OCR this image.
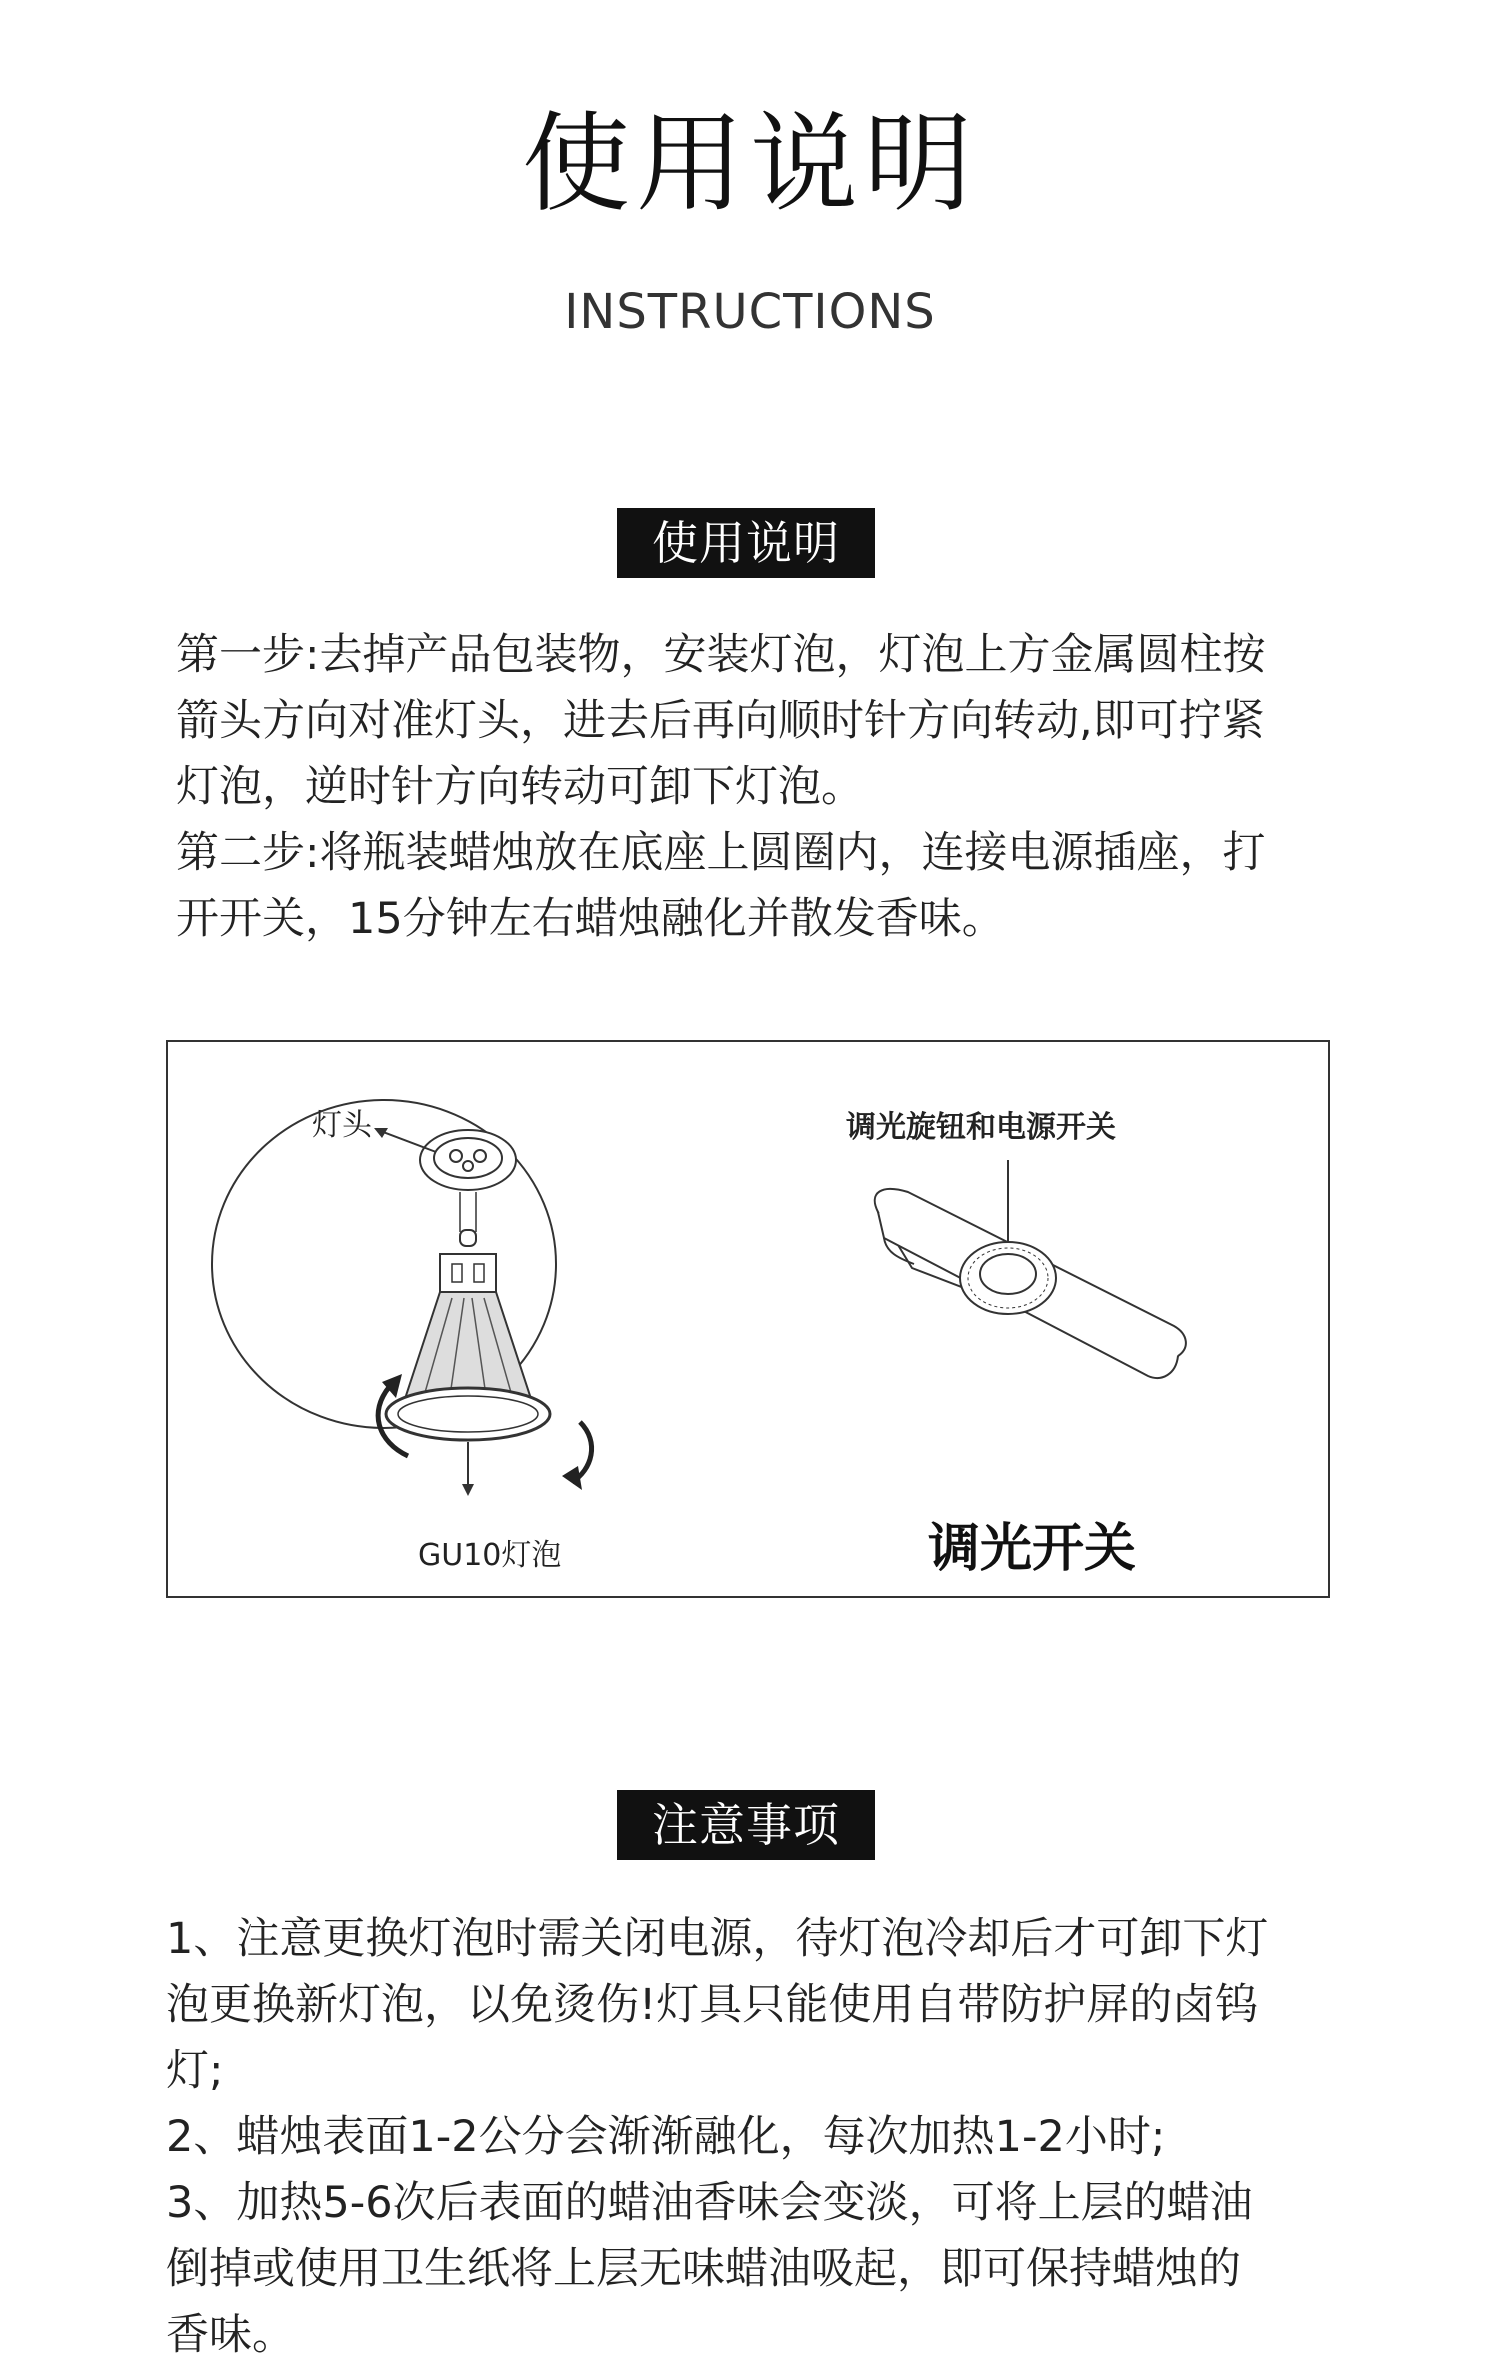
使用说明
INSTRUCTIONS
使用说明

第一步:去掉产品包装物，安装灯泡，灯泡上方金属圆柱按

箭头方向对准灯头，进去后再向顺时针方向转动,即可拧紧

灯泡，逆时针方向转动可卸下灯泡。

第二步:将瓶装蜡烛放在底座上圆圈内，连接电源插座，打

开开关，15分钟左右蜡烛融化并散发香味。

灯头
GU10灯泡
调光旋钮和电源开关
调光开关
注意事项

1、注意更换灯泡时需关闭电源，待灯泡冷却后才可卸下灯

泡更换新灯泡，以免烫伤!灯具只能使用自带防护屏的卤钨

灯;

2、蜡烛表面1-2公分会渐渐融化，每次加热1-2小时;

3、加热5-6次后表面的蜡油香味会变淡，可将上层的蜡油

倒掉或使用卫生纸将上层无味蜡油吸起，即可保持蜡烛的

香味。
